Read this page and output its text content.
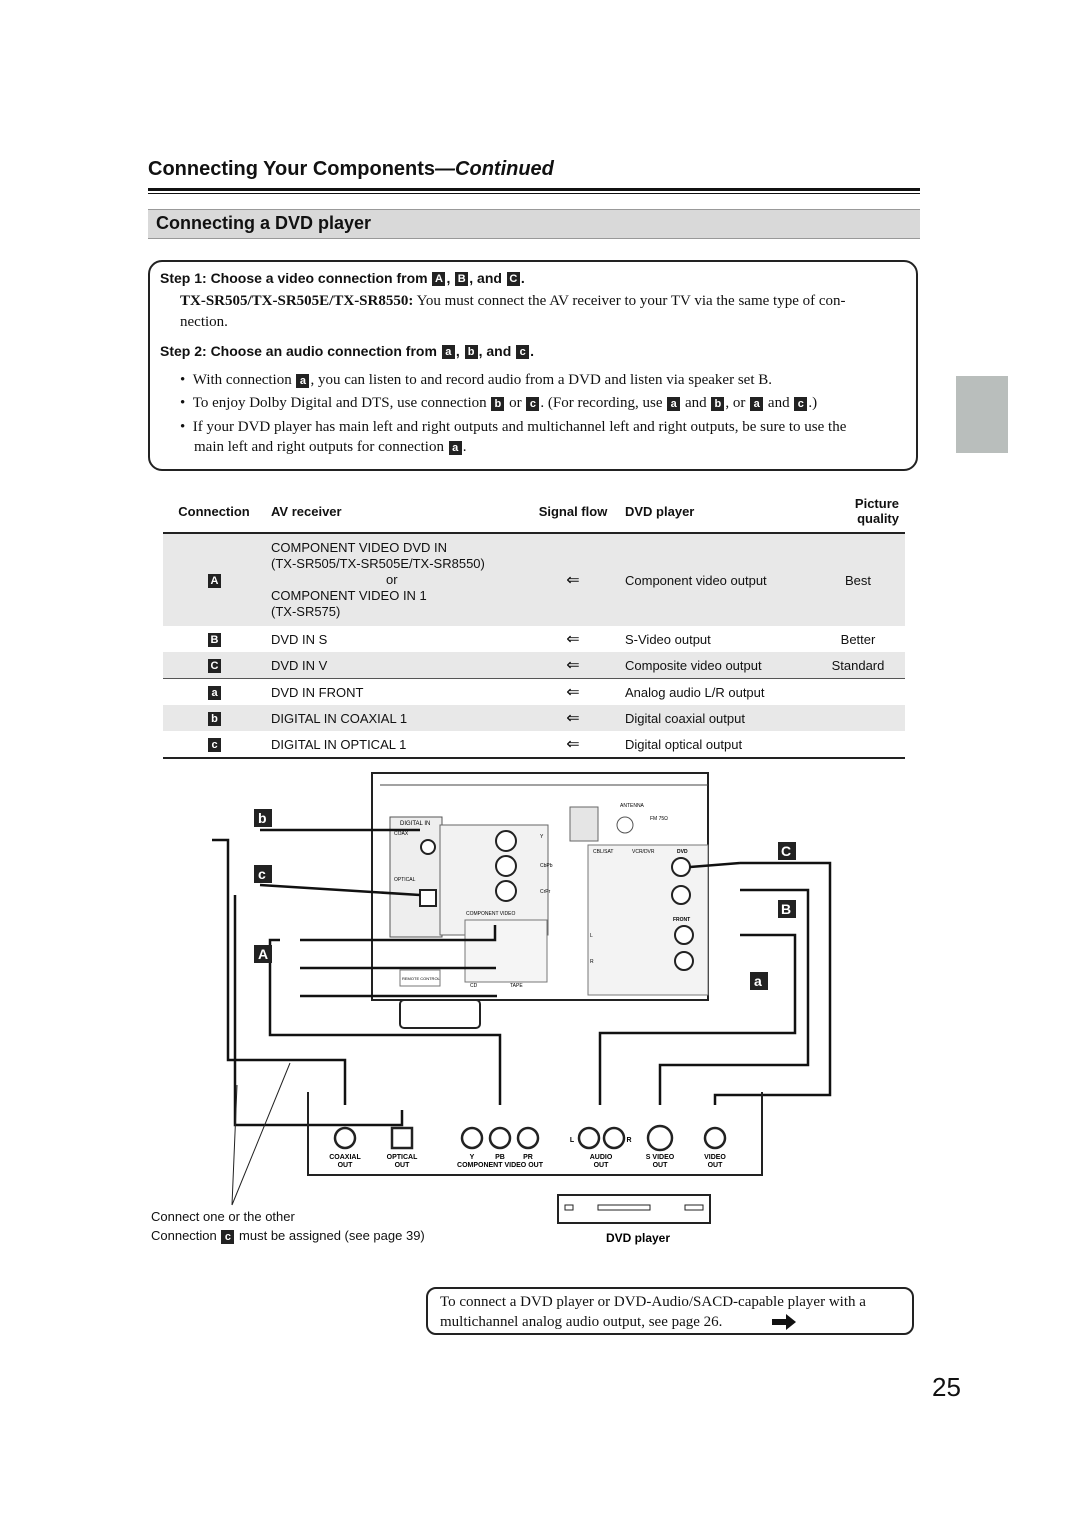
Connecting Your Components—Continued
Connecting a DVD player
Step 1: Choose a video connection from A , B , and C .
TX-SR505/TX-SR505E/TX-SR8550: You must connect the AV receiver to your TV via the same type of con-
nection.
Step 2: Choose an audio connection from a , b , and c .
•  With connection a , you can listen to and record audio from a DVD and listen via speaker set B.
•  To enjoy Dolby Digital and DTS, use connection b or c . (For recording, use a and b , or a and c .)
•  If your DVD player has main left and right outputs and multichannel left and right outputs, be sure to use the
main left and right outputs for connection a .
Connection	AV receiver	Signal flow	DVD player	Picture quality
A	COMPONENT VIDEO DVD IN
(TX-SR505/TX-SR505E/TX-SR8550)
or
COMPONENT VIDEO IN 1
(TX-SR575)	⇐	Component video output	Best
B	DVD IN S	⇐	S-Video output	Better
C	DVD IN V	⇐	Composite video output	Standard
a	DVD IN FRONT	⇐	Analog audio L/R output	
b	DIGITAL IN COAXIAL 1	⇐	Digital coaxial output	
c	DIGITAL IN OPTICAL 1	⇐	Digital optical output	
DIGITAL IN
COAX
OPTICAL
COMPONENT VIDEO
Y
CbPb
CrPr
CD	TAPE
REMOTE CONTROL
ANTENNA
FM 75Ω
CBL/SAT	VCR/DVR	DVD
FRONT
L
R
b
c
A
C
B
a
COAXIAL
OUT
OPTICAL
OUT
Y	PB	PR
COMPONENT VIDEO OUT
L	R
AUDIO
OUT
S VIDEO
OUT
VIDEO
OUT
DVD player
Connect one or the other
Connection c must be assigned (see page 39)

To connect a DVD player or DVD-Audio/SACD-capable player with a

multichannel analog audio output, see page 26.

25
